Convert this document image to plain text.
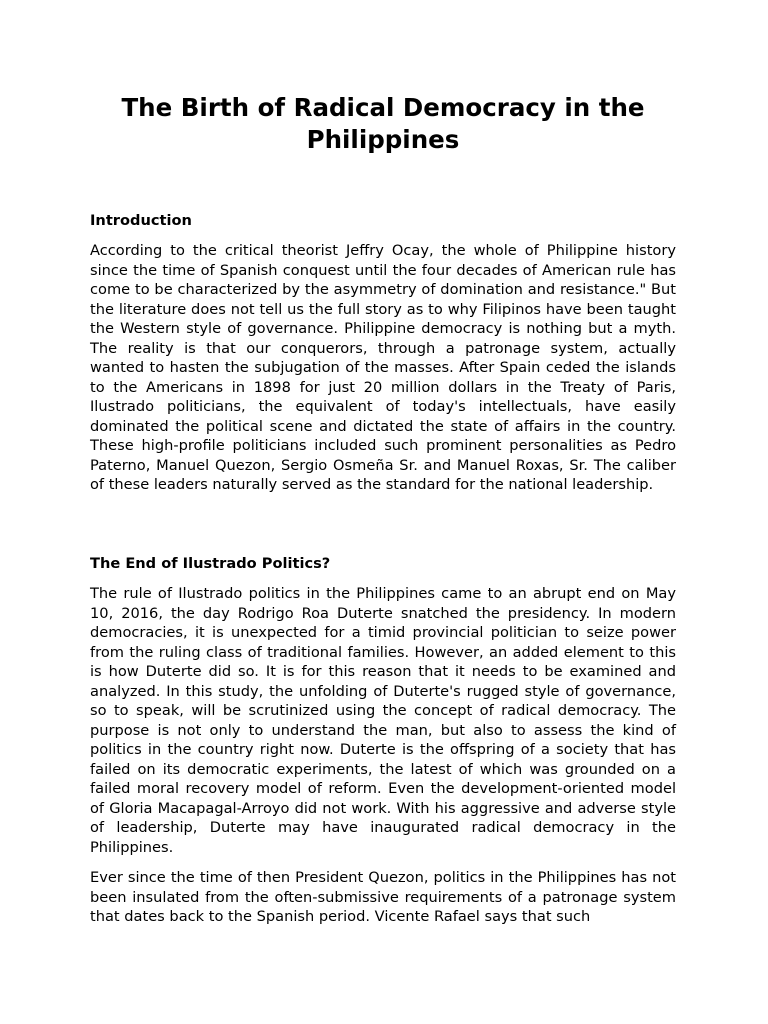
The Birth of Radical Democracy in the Philippines
Introduction

According to the critical theorist Jeffry Ocay, the whole of Philippine history since the time of Spanish conquest until the four decades of American rule has come to be characterized by the asymmetry of domination and resistance." But the literature does not tell us the full story as to why Filipinos have been taught the Western style of governance. Philippine democracy is nothing but a myth. The reality is that our conquerors, through a patronage system, actually wanted to hasten the subjugation of the masses. After Spain ceded the islands to the Americans in 1898 for just 20 million dollars in the Treaty of Paris, Ilustrado politicians, the equivalent of today's intellectuals, have easily dominated the political scene and dictated the state of affairs in the country. These high-profile politicians included such prominent personalities as Pedro Paterno, Manuel Quezon, Sergio Osmeña Sr. and Manuel Roxas, Sr. The caliber of these leaders naturally served as the standard for the national leadership.

The End of Ilustrado Politics?

The rule of Ilustrado politics in the Philippines came to an abrupt end on May 10, 2016, the day Rodrigo Roa Duterte snatched the presidency. In modern democracies, it is unexpected for a timid provincial politician to seize power from the ruling class of traditional families. However, an added element to this is how Duterte did so. It is for this reason that it needs to be examined and analyzed. In this study, the unfolding of Duterte's rugged style of governance, so to speak, will be scrutinized using the concept of radical democracy. The purpose is not only to understand the man, but also to assess the kind of politics in the country right now. Duterte is the offspring of a society that has failed on its democratic experiments, the latest of which was grounded on a failed moral recovery model of reform. Even the development-oriented model of Gloria Macapagal-Arroyo did not work. With his aggressive and adverse style of leadership, Duterte may have inaugurated radical democracy in the Philippines.

Ever since the time of then President Quezon, politics in the Philippines has not been insulated from the often-submissive requirements of a patronage system that dates back to the Spanish period. Vicente Rafael says that such
